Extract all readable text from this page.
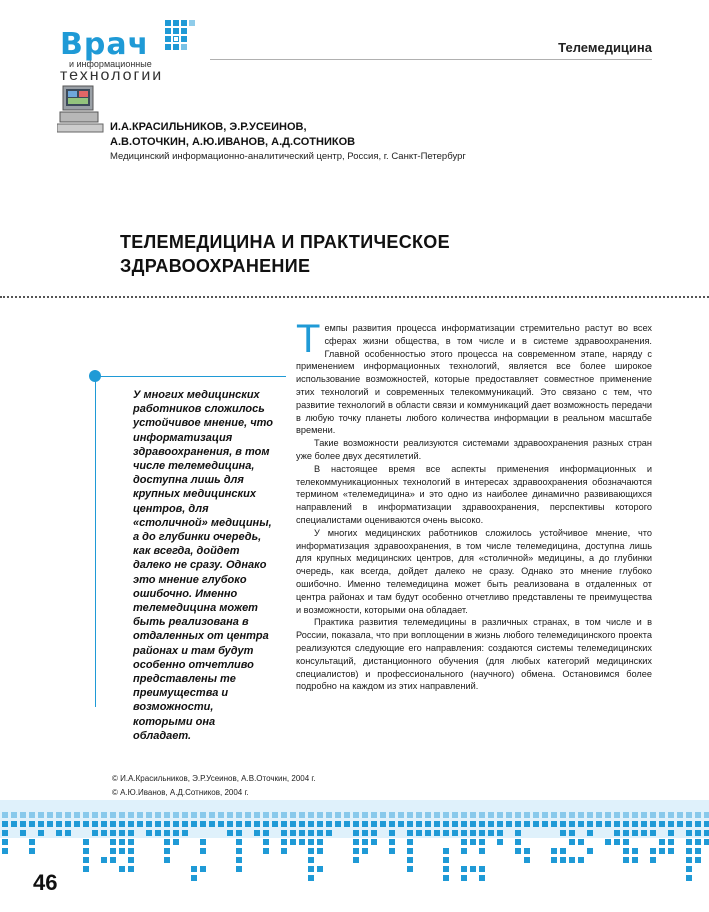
Врач
и информационные
технологии
Телемедицина
И.А.КРАСИЛЬНИКОВ, Э.Р.УСЕИНОВ,
А.В.ОТОЧКИН, А.Ю.ИВАНОВ, А.Д.СОТНИКОВ
Медицинский информационно-аналитический центр, Россия, г. Санкт-Петербург
ТЕЛЕМЕДИЦИНА И ПРАКТИЧЕСКОЕ
ЗДРАВООХРАНЕНИЕ
У многих медицинских работников сложилось устойчивое мнение, что информатизация здравоохранения, в том числе телемедицина, доступна лишь для крупных медицинских центров, для «столичной» медицины, а до глубинки очередь, как всегда, дойдет далеко не сразу. Однако это мнение глубоко ошибочно. Именно телемедицина может быть реализована в отдаленных от центра районах и там будут особенно отчетливо представлены те преимущества и возможности, которыми она обладает.

Темпы развития процесса информатизации стремительно растут во всех сферах жизни общества, в том числе и в системе здравоохранения. Главной особенностью этого процесса на современном этапе, наряду с применением информационных технологий, является все более широкое использование возможностей, которые предоставляет совместное применение этих технологий и современных телекоммуникаций. Это связано с тем, что развитие технологий в области связи и коммуникаций дает возможность передачи в любую точку планеты любого количества информации в реальном масштабе времени.

Такие возможности реализуются системами здравоохранения разных стран уже более двух десятилетий.

В настоящее время все аспекты применения информационных и телекоммуникационных технологий в интересах здравоохранения обозначаются термином «телемедицина» и это одно из наиболее динамично развивающихся направлений в информатизации здравоохранения, перспективы которого специалистами оцениваются очень высоко.

У многих медицинских работников сложилось устойчивое мнение, что информатизация здравоохранения, в том числе телемедицина, доступна лишь для крупных медицинских центров, для «столичной» медицины, а до глубинки очередь, как всегда, дойдет далеко не сразу. Однако это мнение глубоко ошибочно. Именно телемедицина может быть реализована в отдаленных от центра районах и там будут особенно отчетливо представлены те преимущества и возможности, которыми она обладает.

Практика развития телемедицины в различных странах, в том числе и в России, показала, что при воплощении в жизнь любого телемедицинского проекта реализуются следующие его направления: создаются системы телемедицинских консультаций, дистанционного обучения (для любых категорий медицинских специалистов) и профессионального (научного) обмена. Остановимся более подробно на каждом из этих направлений.

© И.А.Красильников, Э.Р.Усеинов, А.В.Оточкин, 2004 г.
© А.Ю.Иванов, А.Д.Сотников, 2004 г.
46
